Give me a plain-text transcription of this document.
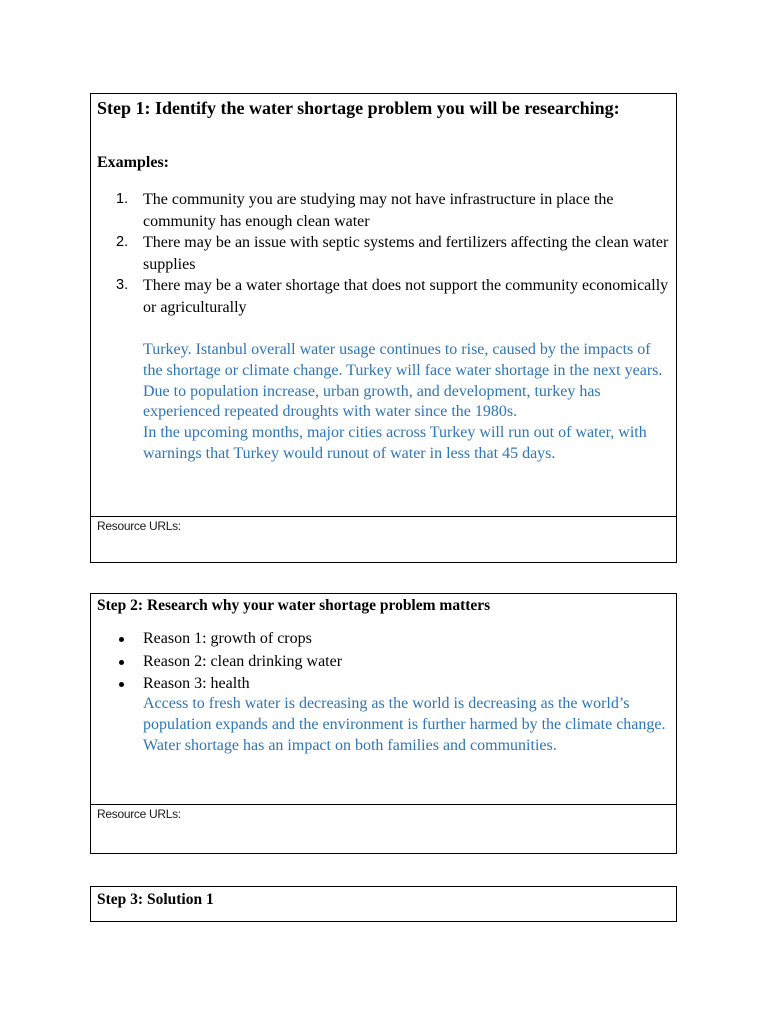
Step 1: Identify the water shortage problem you will be researching:
Examples:
1. The community you are studying may not have infrastructure in place the community has enough clean water
2. There may be an issue with septic systems and fertilizers affecting the clean water supplies
3. There may be a water shortage that does not support the community economically or agriculturally
Turkey. Istanbul overall water usage continues to rise, caused by the impacts of the shortage or climate change. Turkey will face water shortage in the next years.
Due to population increase, urban growth, and development, turkey has experienced repeated droughts with water since the 1980s.
In the upcoming months, major cities across Turkey will run out of water, with warnings that Turkey would runout of water in less that 45 days.
Resource URLs:
Step 2: Research why your water shortage problem matters
Reason 1: growth of crops
Reason 2: clean drinking water
Reason 3: health
Access to fresh water is decreasing as the world is decreasing as the world’s population expands and the environment is further harmed by the climate change. Water shortage has an impact on both families and communities.
Resource URLs:
Step 3: Solution 1
